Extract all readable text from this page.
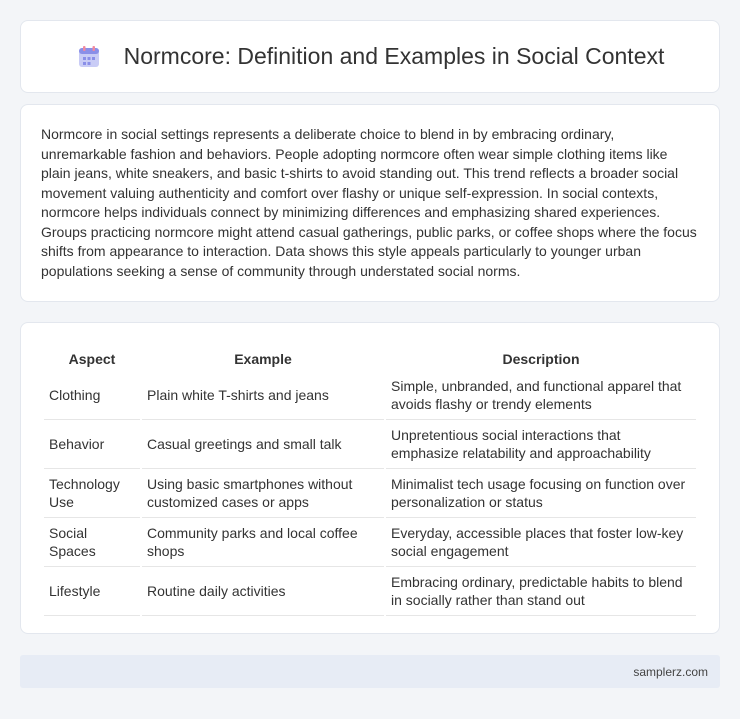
Normcore: Definition and Examples in Social Context

Normcore in social settings represents a deliberate choice to blend in by embracing ordinary, unremarkable fashion and behaviors. People adopting normcore often wear simple clothing items like plain jeans, white sneakers, and basic t-shirts to avoid standing out. This trend reflects a broader social movement valuing authenticity and comfort over flashy or unique self-expression. In social contexts, normcore helps individuals connect by minimizing differences and emphasizing shared experiences. Groups practicing normcore might attend casual gatherings, public parks, or coffee shops where the focus shifts from appearance to interaction. Data shows this style appeals particularly to younger urban populations seeking a sense of community through understated social norms.

Aspect	Example	Description
Clothing	Plain white T-shirts and jeans	Simple, unbranded, and functional apparel that avoids flashy or trendy elements
Behavior	Casual greetings and small talk	Unpretentious social interactions that emphasize relatability and approachability
Technology Use	Using basic smartphones without customized cases or apps	Minimalist tech usage focusing on function over personalization or status
Social Spaces	Community parks and local coffee shops	Everyday, accessible places that foster low-key social engagement
Lifestyle	Routine daily activities	Embracing ordinary, predictable habits to blend in socially rather than stand out
samplerz.com
